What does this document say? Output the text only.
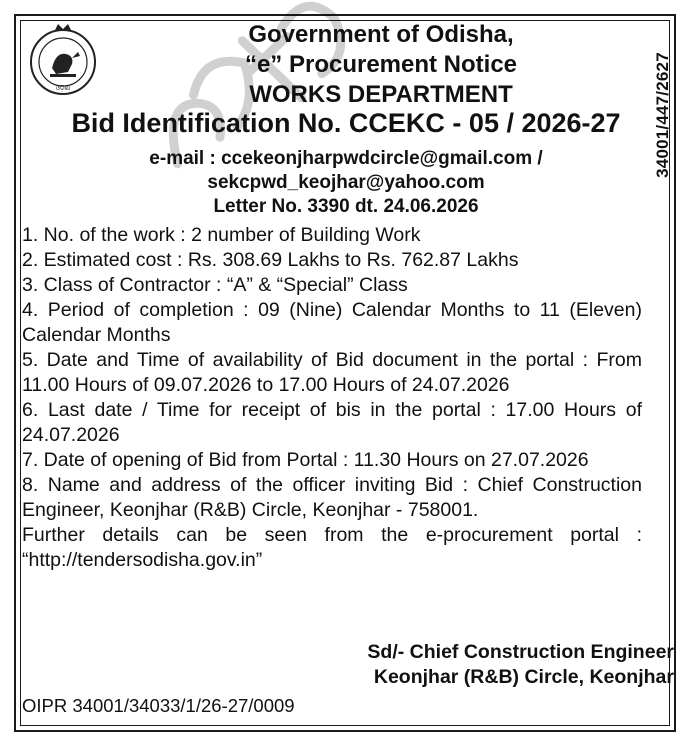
ଓଡ଼ିଶା	34001/447/2627
Government of Odisha,
“e” Procurement Notice
WORKS DEPARTMENT
Bid Identification No. CCEKC - 05 / 2026-27
e-mail : ccekeonjharpwdcircle@gmail.com /
sekcpwd_keojhar@yahoo.com
Letter No. 3390 dt. 24.06.2026

1. No. of the work : 2 number of Building Work

2. Estimated cost : Rs. 308.69 Lakhs to Rs. 762.87 Lakhs

3. Class of Contractor : “A” & “Special” Class

4. Period of completion : 09 (Nine) Calendar Months to 11 (Eleven) Calendar Months

5. Date and Time of availability of Bid document in the portal : From 11.00 Hours of 09.07.2026 to 17.00 Hours of 24.07.2026

6. Last date / Time for receipt of bis in the portal : 17.00 Hours of 24.07.2026

7. Date of opening of Bid from Portal : 11.30 Hours on 27.07.2026

8. Name and address of the officer inviting Bid : Chief Construction Engineer, Keonjhar (R&B) Circle, Keonjhar - 758001.

Further details can be seen from the e-procurement portal : “http://tendersodisha.gov.in”

Sd/- Chief Construction Engineer
Keonjhar (R&B) Circle, Keonjhar
OIPR 34001/34033/1/26-27/0009
